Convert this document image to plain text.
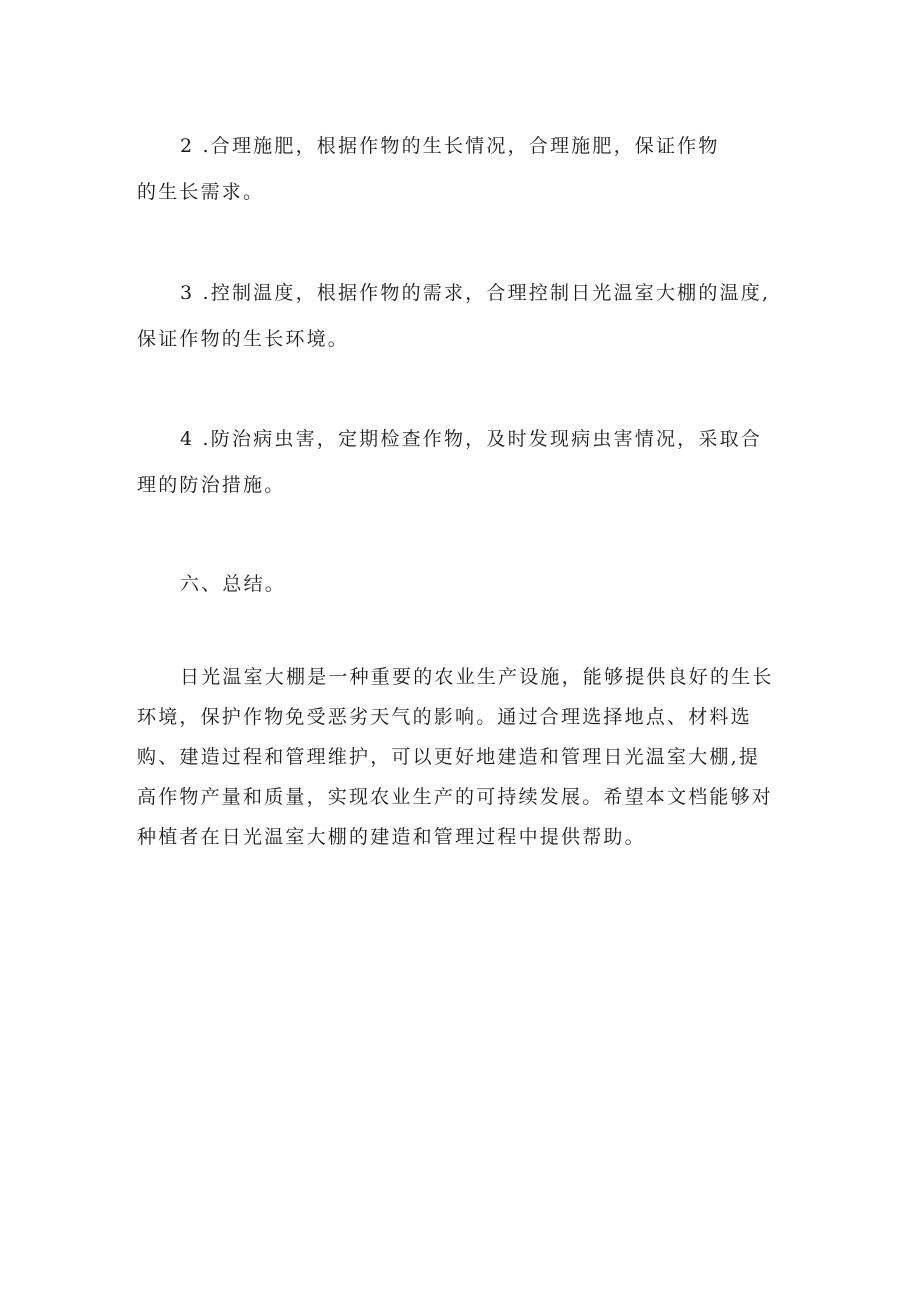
2 .合理施肥，根据作物的生长情况，合理施肥，保证作物的生长需求。

3 .控制温度，根据作物的需求，合理控制日光温室大棚的温度,保证作物的生长环境。

4 .防治病虫害，定期检查作物，及时发现病虫害情况，采取合理的防治措施。

六、总结。

日光温室大棚是一种重要的农业生产设施，能够提供良好的生长环境，保护作物免受恶劣天气的影响。通过合理选择地点、材料选购、建造过程和管理维护，可以更好地建造和管理日光温室大棚,提高作物产量和质量，实现农业生产的可持续发展。希望本文档能够对种植者在日光温室大棚的建造和管理过程中提供帮助。
